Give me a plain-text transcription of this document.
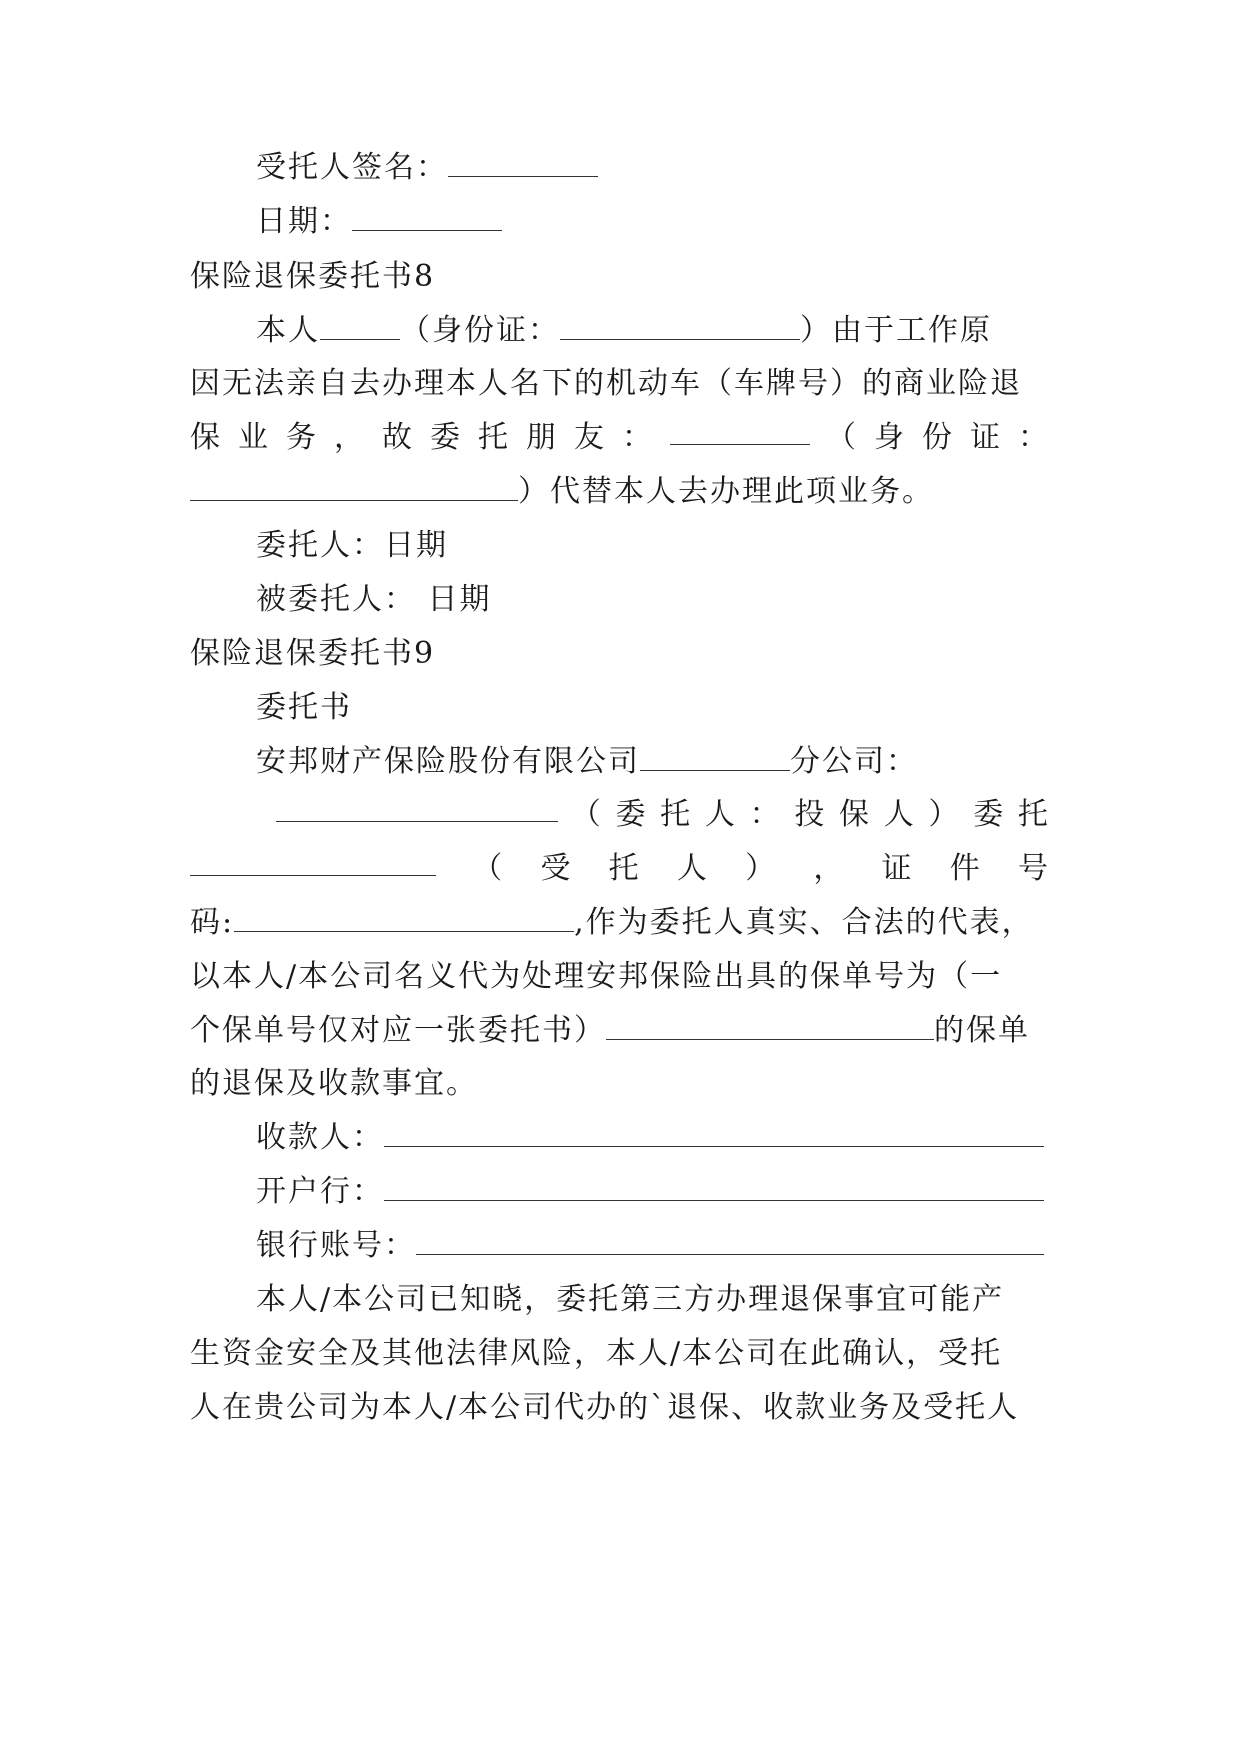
受托人签名：
日期：
保险退保委托书8
本人	（身份证：	）由于工作原
因无法亲自去办理本人名下的机动车（车牌号）的商业险退
保 业 务 ， 故 委 托 朋 友 ：	（ 身 份 证 ：
）代替本人去办理此项业务。
委托人：日期
被委托人： 日期
保险退保委托书9
委托书
安邦财产保险股份有限公司	分公司：
（ 委 托 人 ： 投 保 人 ） 委 托
（ 受 托 人 ） ， 证 件 号
码:	,作为委托人真实、合法的代表，
以本人/本公司名义代为处理安邦保险出具的保单号为（一
个保单号仅对应一张委托书）	的保单
的退保及收款事宜。
收款人：
开户行：
银行账号：
本人/本公司已知晓，委托第三方办理退保事宜可能产
生资金安全及其他法律风险，本人/本公司在此确认，受托
人在贵公司为本人/本公司代办的`退保、收款业务及受托人
